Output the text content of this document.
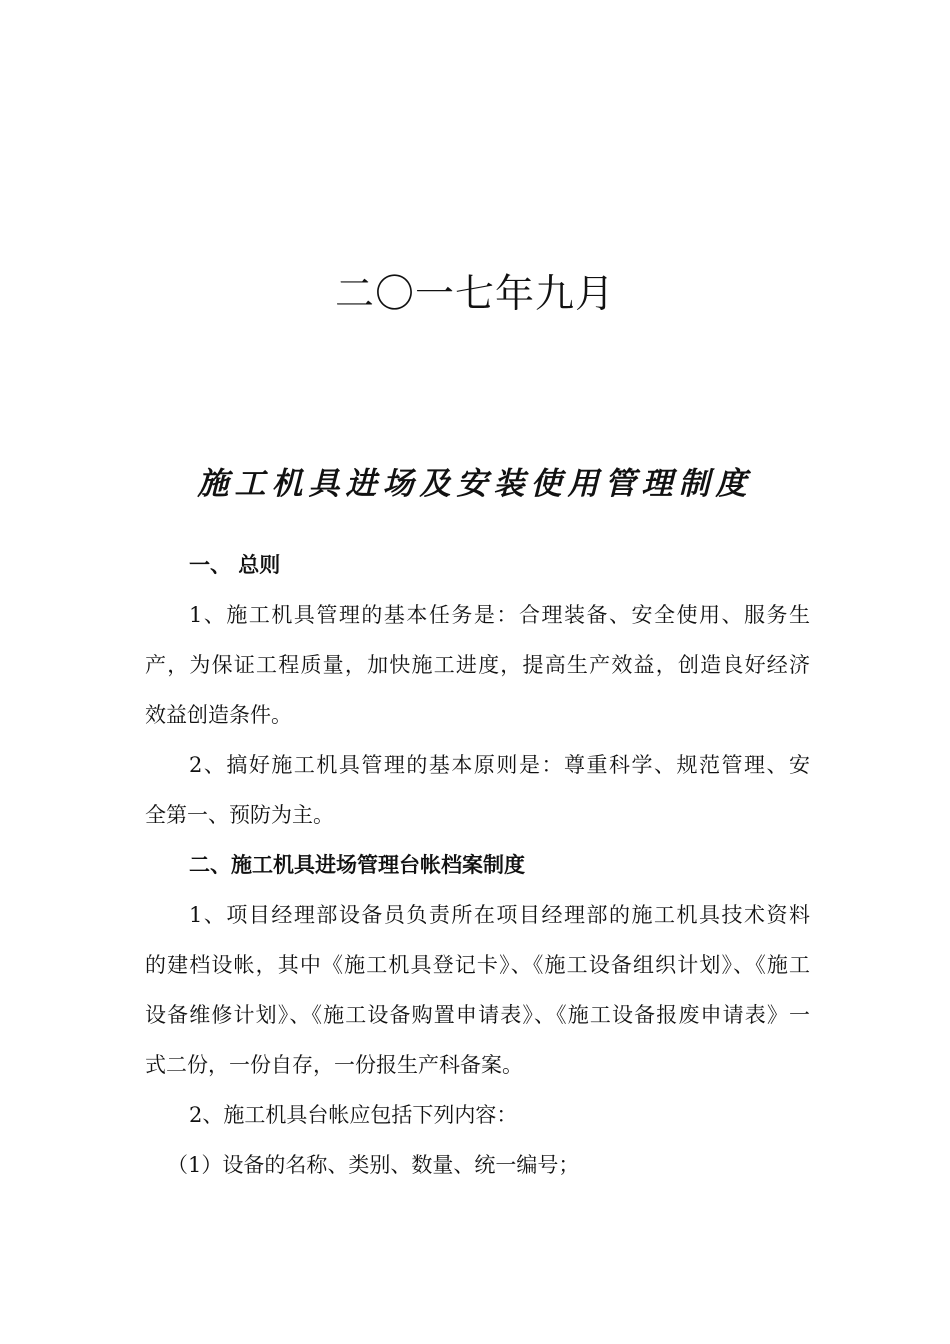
二〇一七年九月
施工机具进场及安装使用管理制度
一、 总则
1、施工机具管理的基本任务是：合理装备、安全使用、服务生
产，为保证工程质量，加快施工进度，提高生产效益，创造良好经济
效益创造条件。
2、搞好施工机具管理的基本原则是：尊重科学、规范管理、安
全第一、预防为主。
二、施工机具进场管理台帐档案制度
1、项目经理部设备员负责所在项目经理部的施工机具技术资料
的建档设帐，其中《施工机具登记卡》、《施工设备组织计划》、《施工
设备维修计划》、《施工设备购置申请表》、《施工设备报废申请表》一
式二份，一份自存，一份报生产科备案。
2、施工机具台帐应包括下列内容：
（1）设备的名称、类别、数量、统一编号；
